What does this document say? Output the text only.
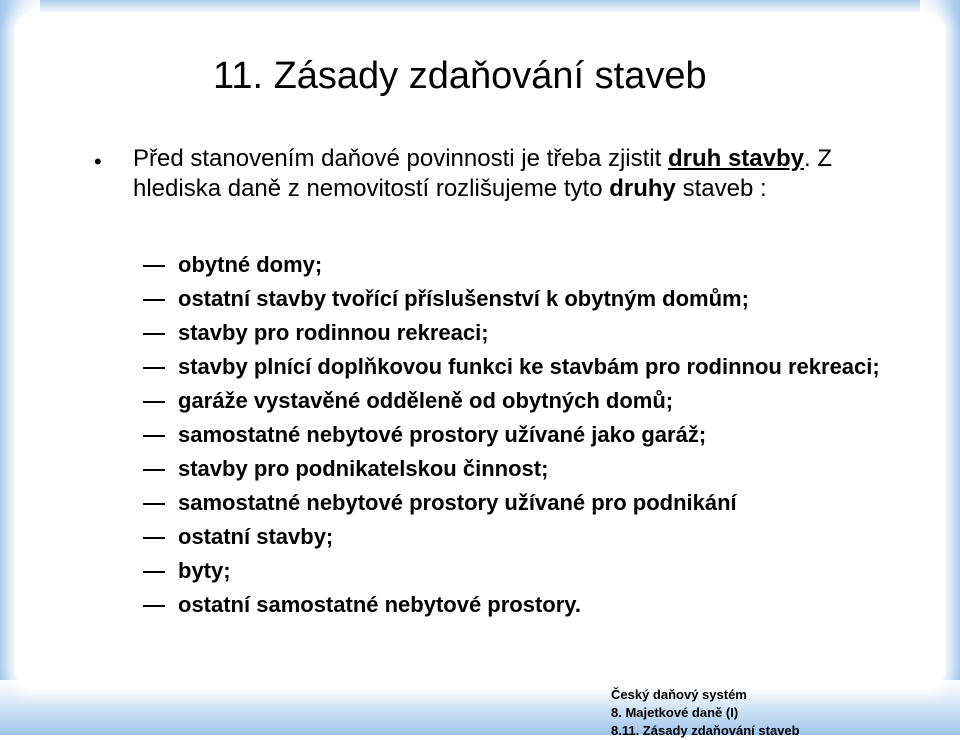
11. Zásady zdaňování staveb
• Před stanovením daňové povinnosti je třeba zjistit druh stavby. Z hlediska daně z nemovitostí rozlišujeme tyto druhy staveb :
obytné domy;
ostatní stavby tvořící příslušenství k obytným domům;
stavby pro rodinnou rekreaci;
stavby plnící doplňkovou funkci ke stavbám pro rodinnou rekreaci;
garáže vystavěné odděleně od obytných domů;
samostatné nebytové prostory užívané jako garáž;
stavby pro podnikatelskou činnost;
samostatné nebytové prostory užívané pro podnikání
ostatní stavby;
byty;
ostatní samostatné nebytové prostory.
Český daňový systém
8. Majetkové daně (I)
8.11. Zásady zdaňování staveb
